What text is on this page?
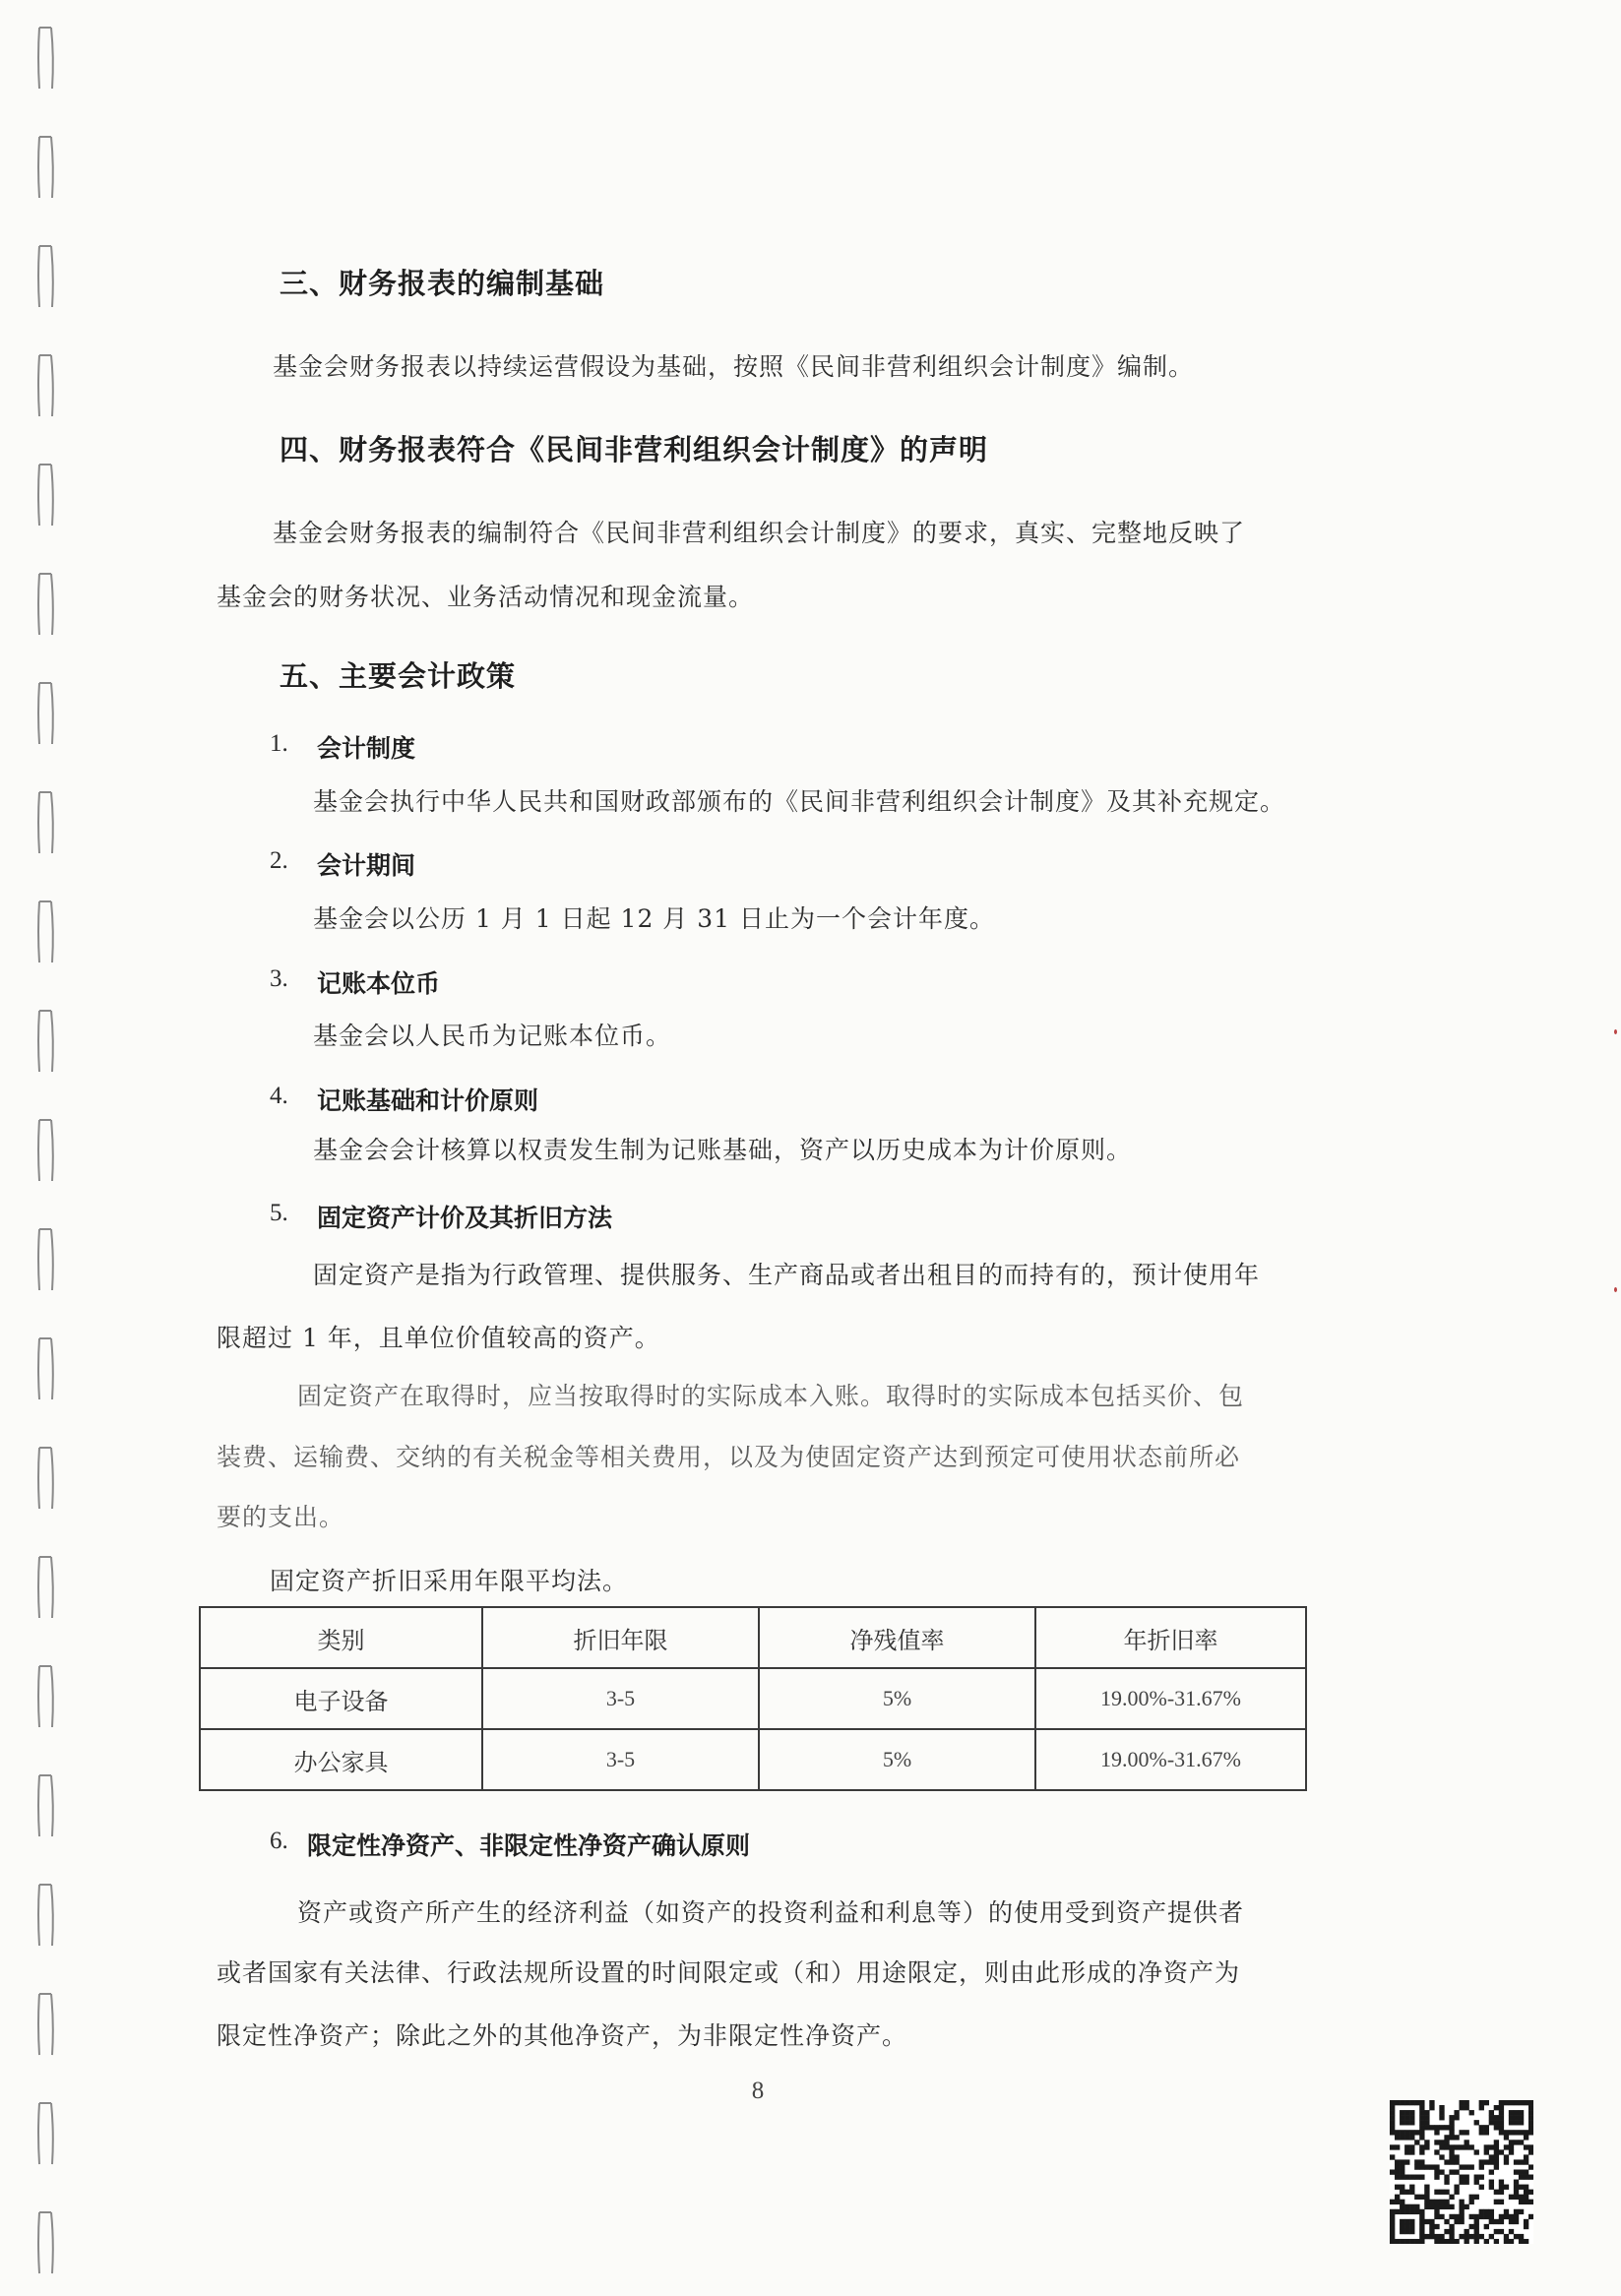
三、财务报表的编制基础
基金会财务报表以持续运营假设为基础，按照《民间非营利组织会计制度》编制。
四、财务报表符合《民间非营利组织会计制度》的声明
基金会财务报表的编制符合《民间非营利组织会计制度》的要求，真实、完整地反映了
基金会的财务状况、业务活动情况和现金流量。
五、主要会计政策
1. 会计制度
基金会执行中华人民共和国财政部颁布的《民间非营利组织会计制度》及其补充规定。
2. 会计期间
基金会以公历 1 月 1 日起 12 月 31 日止为一个会计年度。
3. 记账本位币
基金会以人民币为记账本位币。
4. 记账基础和计价原则
基金会会计核算以权责发生制为记账基础，资产以历史成本为计价原则。
5. 固定资产计价及其折旧方法
固定资产是指为行政管理、提供服务、生产商品或者出租目的而持有的，预计使用年
限超过 1 年，且单位价值较高的资产。
固定资产在取得时，应当按取得时的实际成本入账。取得时的实际成本包括买价、包
装费、运输费、交纳的有关税金等相关费用，以及为使固定资产达到预定可使用状态前所必
要的支出。
固定资产折旧采用年限平均法。
类别	折旧年限	净残值率	年折旧率
电子设备	3-5	5%	19.00%-31.67%
办公家具	3-5	5%	19.00%-31.67%
6. 限定性净资产、非限定性净资产确认原则
资产或资产所产生的经济利益（如资产的投资利益和利息等）的使用受到资产提供者
或者国家有关法律、行政法规所设置的时间限定或（和）用途限定，则由此形成的净资产为
限定性净资产；除此之外的其他净资产，为非限定性净资产。
8
